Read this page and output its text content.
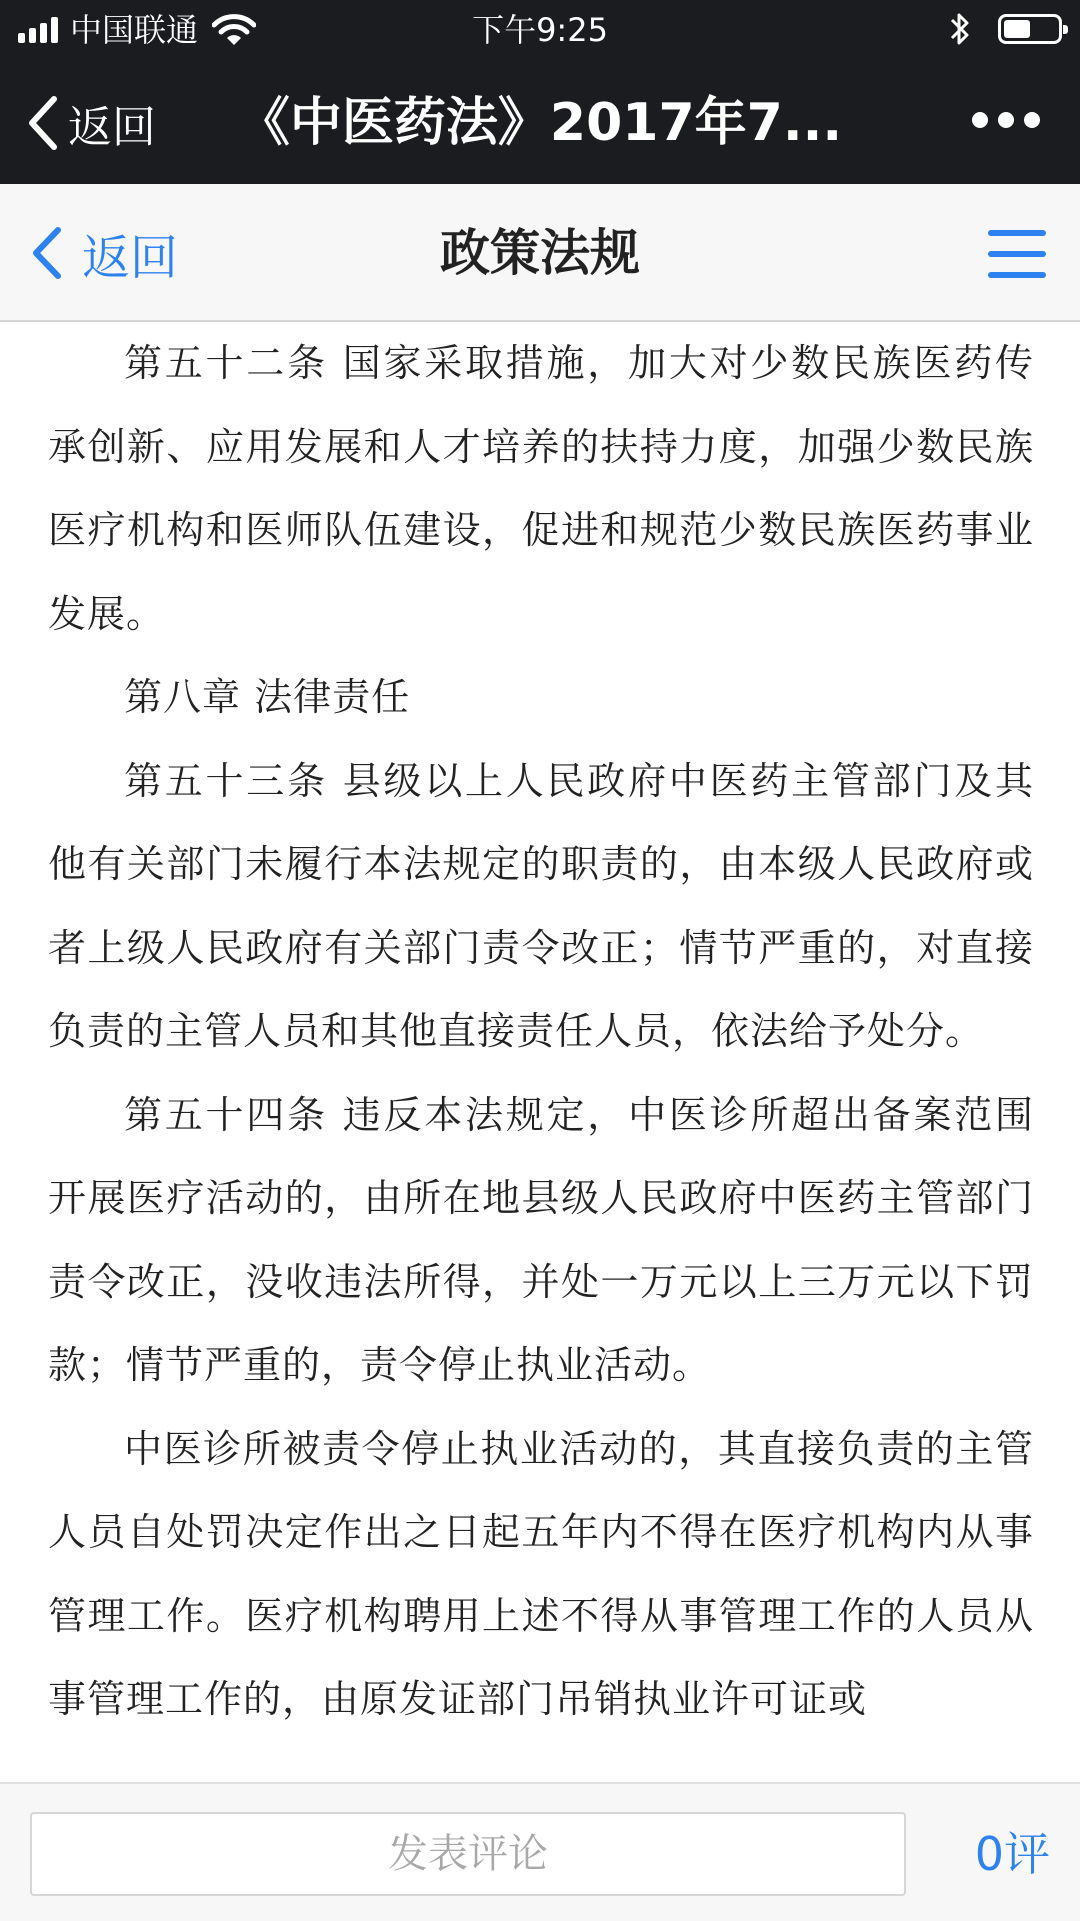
中国联通	下午9:25
返回	《中医药法》2017年7...
返回	政策法规

第五十二条 国家采取措施，加大对少数民族医药传承创新、应用发展和人才培养的扶持力度，加强少数民族医疗机构和医师队伍建设，促进和规范少数民族医药事业发展。

第八章 法律责任

第五十三条 县级以上人民政府中医药主管部门及其他有关部门未履行本法规定的职责的，由本级人民政府或者上级人民政府有关部门责令改正；情节严重的，对直接负责的主管人员和其他直接责任人员，依法给予处分。

第五十四条 违反本法规定，中医诊所超出备案范围开展医疗活动的，由所在地县级人民政府中医药主管部门责令改正，没收违法所得，并处一万元以上三万元以下罚款；情节严重的，责令停止执业活动。

中医诊所被责令停止执业活动的，其直接负责的主管人员自处罚决定作出之日起五年内不得在医疗机构内从事管理工作。医疗机构聘用上述不得从事管理工作的人员从事管理工作的，由原发证部门吊销执业许可证或

发表评论	0评
